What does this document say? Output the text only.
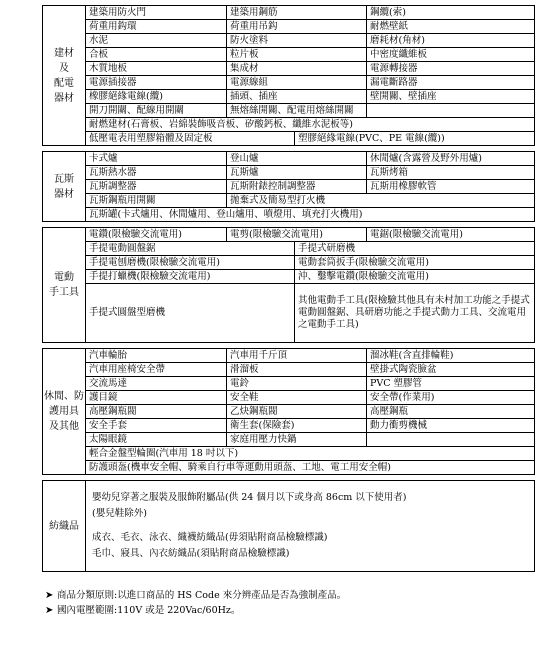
建材
及
配電
器材	建築用防火門	建築用鋼筋		鋼纜(索)
	荷重用鈎環	荷重用吊鈎		耐燃壁紙
	水泥	防火塗料		磨耗材(角材)
	合板	粒片板		中密度纖維板
	木質地板	集成材		電源轉接器
	電源插接器	電源線組		漏電斷路器
	橡膠絕緣電線(纜)	插頭、插座		壁開關、壁插座
	開刀開關、配線用開關	無熔絲開關、配電用熔絲開關		
	耐燃建材(石膏板、岩綿裝飾吸音板、矽酸鈣板、纖維水泥板等)			
	低壓電表用塑膠箱體及固定板		塑膠絕緣電線(PVC、PE 電線(纜))	

瓦斯
器材	卡式爐	登山爐		休閒爐(含露營及野外用爐)
	瓦斯熱水器	瓦斯爐		瓦斯烤箱
	瓦斯調整器	瓦斯附錶控制調整器		瓦斯用橡膠軟管
	瓦斯鋼瓶用開關	拋棄式及簡易型打火機		
	瓦斯罐(卡式爐用、休閒爐用、登山爐用、噴燈用、填充打火機用)			

電動
手工具	電鑽(限檢驗交流電用)	電剪(限檢驗交流電用)		電鋸(限檢驗交流電用)
	手提電動圓盤鋸		手提式研磨機	
	手提電刨磨機(限檢驗交流電用)		電動套筒扳手(限檢驗交流電用)	
	手提打蠟機(限檢驗交流電用)		沖、鑿擊電鑽(限檢驗交流電用)	
	手提式圓盤型磨機		其他電動手工具(限檢驗其他具有未村加工功能之手提式電動圓盤鋸、具研磨功能之手提式動力工具、交流電用之電動手工具)	

休閒、防
護用具
及其他	汽車輪胎	汽車用千斤頂		溜冰鞋(含直排輪鞋)
	汽車用座椅安全帶	滑溜板		壁掛式陶瓷臉盆
	交流馬達	電鈴		PVC 塑膠管
	護目鏡	安全鞋		安全帶(作業用)
	高壓鋼瓶閥	乙炔鋼瓶閥		高壓鋼瓶
	安全手套	衛生套(保險套)		動力衝剪機械
	太陽眼鏡	家庭用壓力快鍋		
	輕合金盤型輪圈(汽車用 18 吋以下)			
	防護頭盔(機車安全帽、騎乘自行車等運動用頭盔、工地、電工用安全帽)			

紡織品	嬰幼兒穿著之服裝及服飾附屬品(供 24 個月以下或身高 86cm 以下使用者)
(嬰兒鞋除外)
成衣、毛衣、泳衣、織襪紡織品(毋須貼附商品檢驗標識)
毛巾、寢具、內衣紡織品(須貼附商品檢驗標識)			
➤ 商品分類原則:以進口商品的 HS Code 來分辨產品是否為強制產品。
➤ 國內電壓範圍:110V 或是 220Vac/60Hz。
